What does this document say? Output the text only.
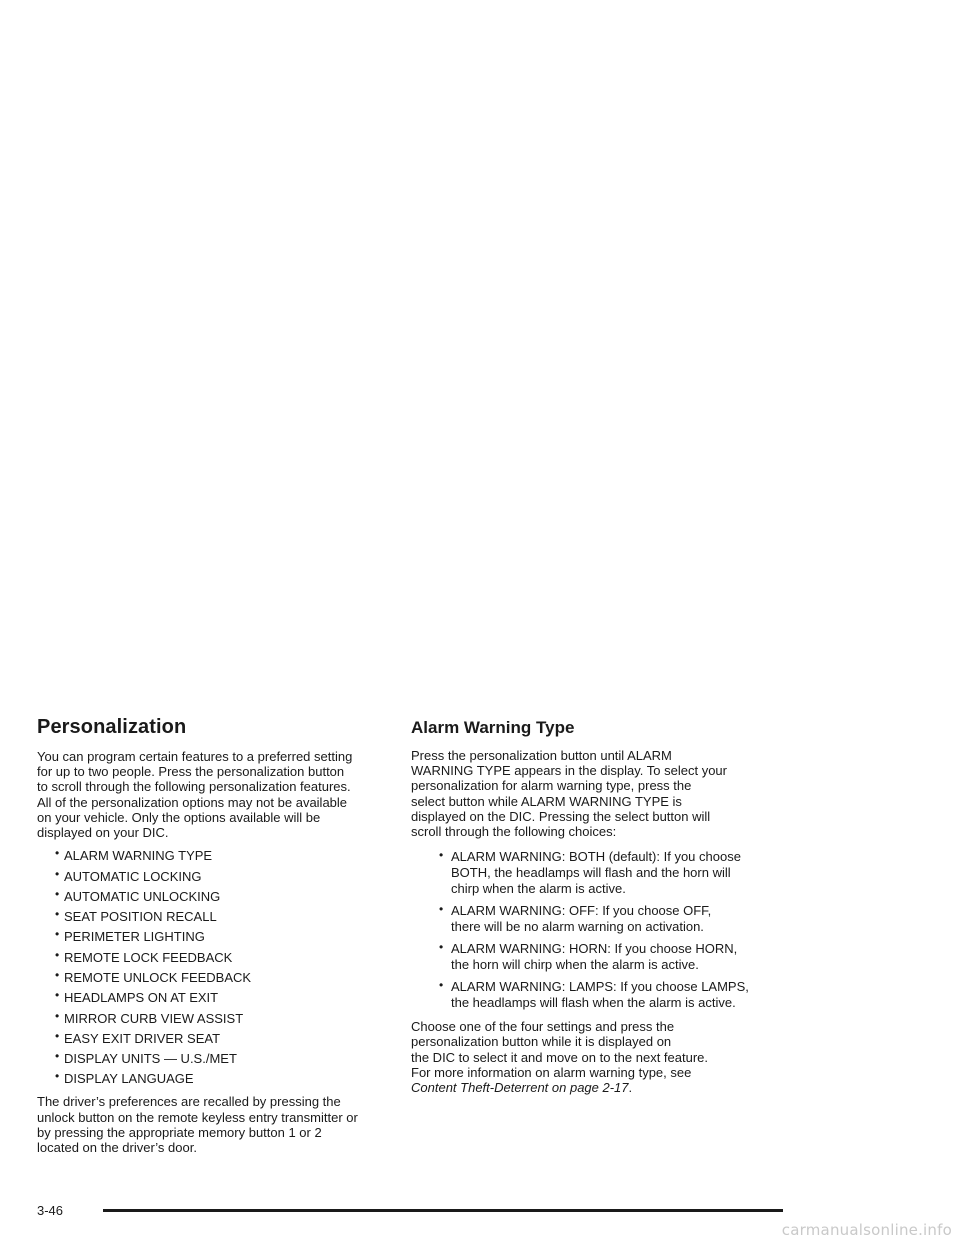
Personalization

You can program certain features to a preferred setting
for up to two people. Press the personalization button
to scroll through the following personalization features.
All of the personalization options may not be available
on your vehicle. Only the options available will be
displayed on your DIC.

• ALARM WARNING TYPE
• AUTOMATIC LOCKING
• AUTOMATIC UNLOCKING
• SEAT POSITION RECALL
• PERIMETER LIGHTING
• REMOTE LOCK FEEDBACK
• REMOTE UNLOCK FEEDBACK
• HEADLAMPS ON AT EXIT
• MIRROR CURB VIEW ASSIST
• EASY EXIT DRIVER SEAT
• DISPLAY UNITS — U.S./MET
• DISPLAY LANGUAGE

The driver’s preferences are recalled by pressing the
unlock button on the remote keyless entry transmitter or
by pressing the appropriate memory button 1 or 2
located on the driver’s door.

Alarm Warning Type

Press the personalization button until ALARM
WARNING TYPE appears in the display. To select your
personalization for alarm warning type, press the
select button while ALARM WARNING TYPE is
displayed on the DIC. Pressing the select button will
scroll through the following choices:

• ALARM WARNING: BOTH (default): If you choose
BOTH, the headlamps will flash and the horn will
chirp when the alarm is active.
• ALARM WARNING: OFF: If you choose OFF,
there will be no alarm warning on activation.
• ALARM WARNING: HORN: If you choose HORN,
the horn will chirp when the alarm is active.
• ALARM WARNING: LAMPS: If you choose LAMPS,
the headlamps will flash when the alarm is active.

Choose one of the four settings and press the
personalization button while it is displayed on
the DIC to select it and move on to the next feature.
For more information on alarm warning type, see
Content Theft-Deterrent on page 2-17.

3-46
carmanualsonline.info
